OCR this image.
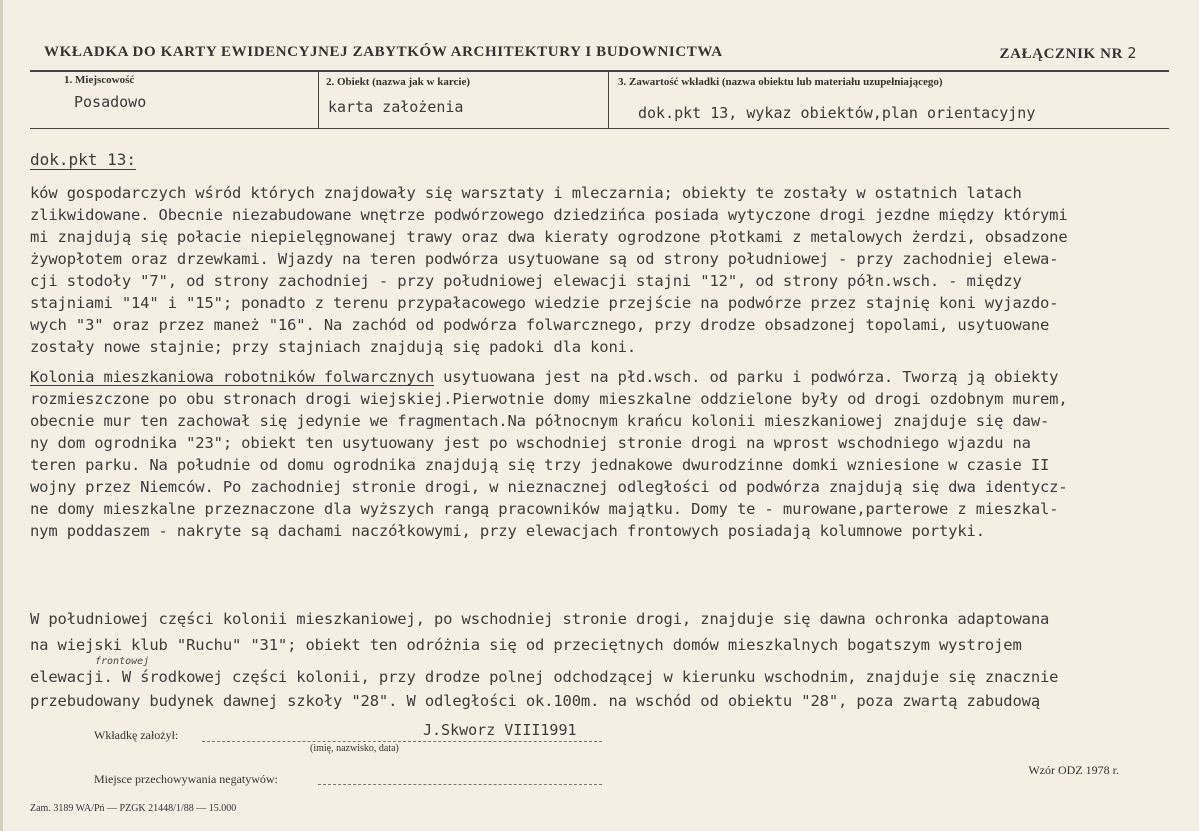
WKŁADKA DO KARTY EWIDENCYJNEJ ZABYTKÓW ARCHITEKTURY I BUDOWNICTWA	ZAŁĄCZNIK NR 2
1. Miejscowość
Posadowo
2. Obiekt (nazwa jak w karcie)
karta założenia
3. Zawartość wkładki (nazwa obiektu lub materiału uzupełniającego)
dok.pkt 13, wykaz obiektów,plan orientacyjny
dok.pkt 13:
ków gospodarczych wśród których znajdowały się warsztaty i mleczarnia; obiekty te zostały w ostatnich latach
zlikwidowane. Obecnie niezabudowane wnętrze podwórzowego dziedzińca posiada wytyczone drogi jezdne między którymi
mi znajdują się połacie niepielęgnowanej trawy oraz dwa kieraty ogrodzone płotkami z metalowych żerdzi, obsadzone
żywopłotem oraz drzewkami. Wjazdy na teren podwórza usytuowane są od strony południowej - przy zachodniej elewa-
cji stodoły "7", od strony zachodniej - przy południowej elewacji stajni "12", od strony półn.wsch. - między
stajniami "14" i "15"; ponadto z terenu przypałacowego wiedzie przejście na podwórze przez stajnię koni wyjazdo-
wych "3" oraz przez maneż "16". Na zachód od podwórza folwarcznego, przy drodze obsadzonej topolami, usytuowane
zostały nowe stajnie; przy stajniach znajdują się padoki dla koni.
Kolonia mieszkaniowa robotników folwarcznych usytuowana jest na płd.wsch. od parku i podwórza. Tworzą ją obiekty
rozmieszczone po obu stronach drogi wiejskiej.Pierwotnie domy mieszkalne oddzielone były od drogi ozdobnym murem,
obecnie mur ten zachował się jedynie we fragmentach.Na północnym krańcu kolonii mieszkaniowej znajduje się daw-
ny dom ogrodnika "23"; obiekt ten usytuowany jest po wschodniej stronie drogi na wprost wschodniego wjazdu na
teren parku. Na południe od domu ogrodnika znajdują się trzy jednakowe dwurodzinne domki wzniesione w czasie II
wojny przez Niemców. Po zachodniej stronie drogi, w nieznacznej odległości od podwórza znajdują się dwa identycz-
ne domy mieszkalne przeznaczone dla wyższych rangą pracowników majątku. Domy te - murowane,parterowe z mieszkal-
nym poddaszem - nakryte są dachami naczółkowymi, przy elewacjach frontowych posiadają kolumnowe portyki.
W południowej części kolonii mieszkaniowej, po wschodniej stronie drogi, znajduje się dawna ochronka adaptowana
na wiejski klub "Ruchu" "31"; obiekt ten odróżnia się od przeciętnych domów mieszkalnych bogatszym wystrojem
frontowej
elewacji. W środkowej części kolonii, przy drodze polnej odchodzącej w kierunku wschodnim, znajduje się znacznie
przebudowany budynek dawnej szkoły "28". W odległości ok.100m. na wschód od obiektu "28", poza zwartą zabudową
Wkładkę założył:	J.Skworz VIII1991
(imię, nazwisko, data)
Wzór ODZ 1978 r.
Miejsce przechowywania negatywów:
Zam. 3189 WA/Pń — PZGK 21448/1/88 — 15.000
